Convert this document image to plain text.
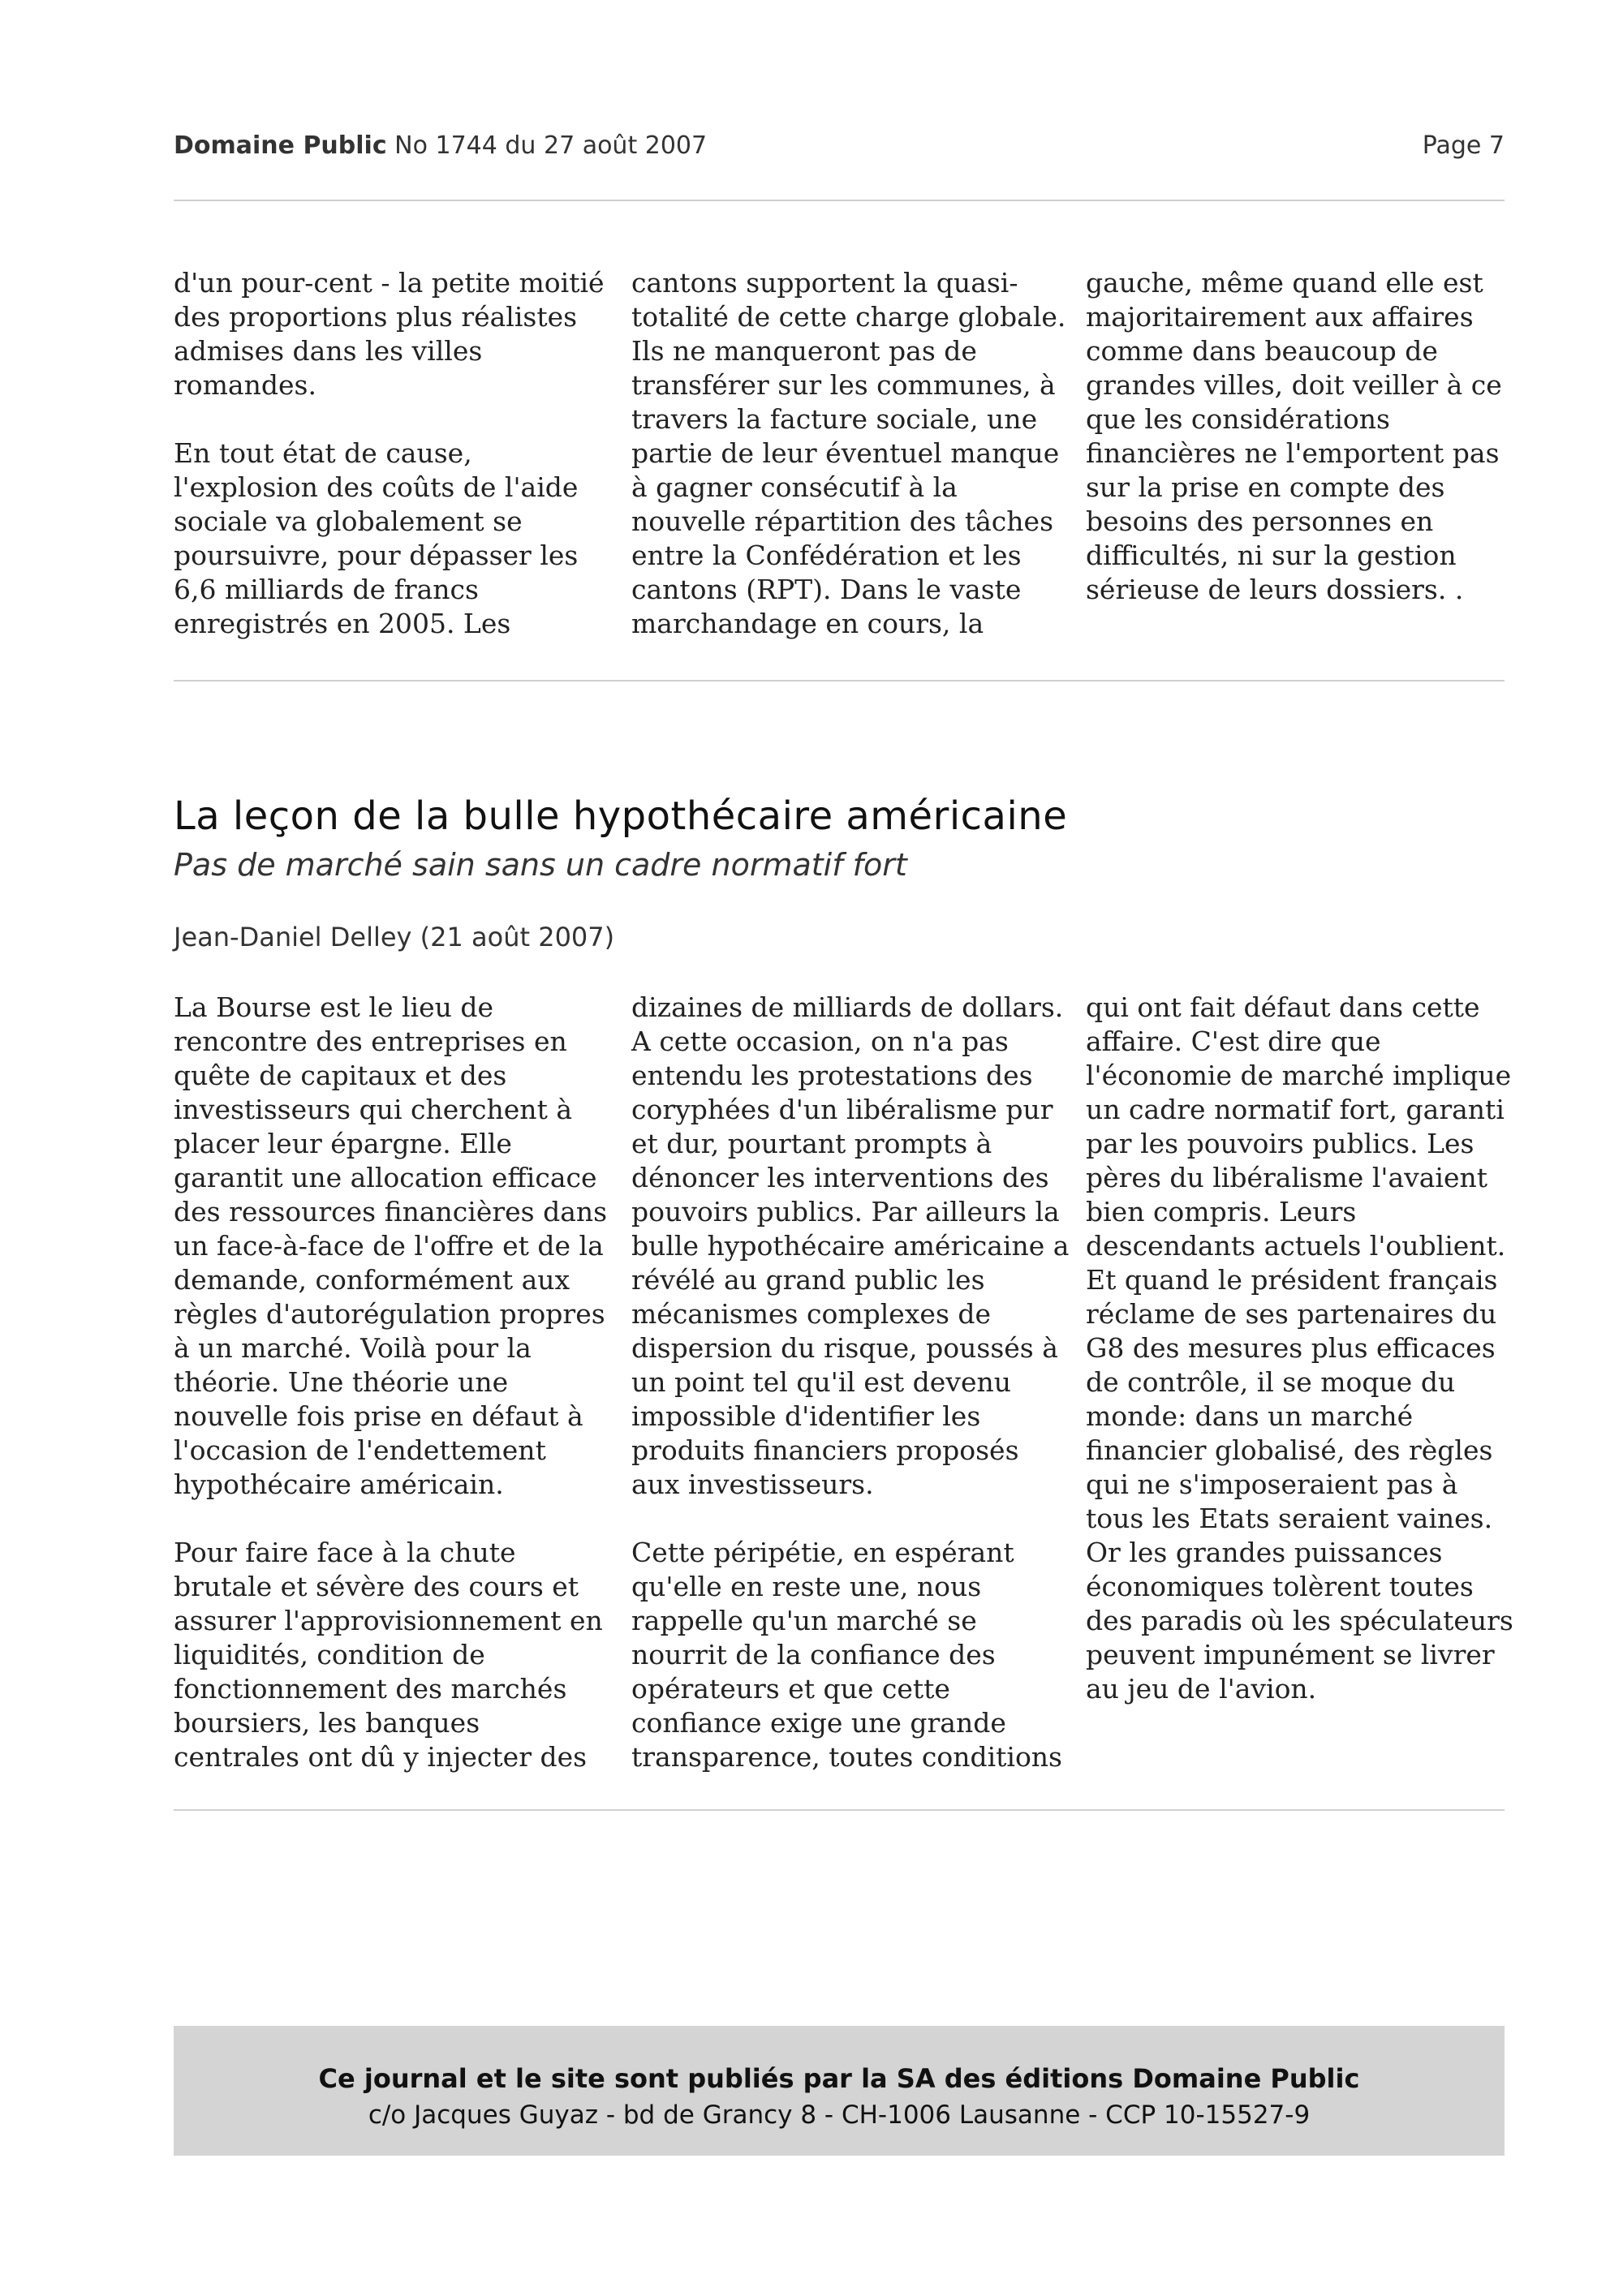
Domaine Public No 1744 du 27 août 2007	Page 7

d'un pour-cent - la petite moitié des proportions plus réalistes admises dans les villes romandes.

En tout état de cause, l'explosion des coûts de l'aide sociale va globalement se poursuivre, pour dépasser les 6,6 milliards de francs enregistrés en 2005. Les

cantons supportent la quasi-totalité de cette charge globale. Ils ne manqueront pas de transférer sur les communes, à travers la facture sociale, une partie de leur éventuel manque à gagner consécutif à la nouvelle répartition des tâches entre la Confédération et les cantons (RPT). Dans le vaste marchandage en cours, la

gauche, même quand elle est majoritairement aux affaires comme dans beaucoup de grandes villes, doit veiller à ce que les considérations financières ne l'emportent pas sur la prise en compte des besoins des personnes en difficultés, ni sur la gestion sérieuse de leurs dossiers. .

La leçon de la bulle hypothécaire américaine
Pas de marché sain sans un cadre normatif fort
Jean-Daniel Delley (21 août 2007)

La Bourse est le lieu de rencontre des entreprises en quête de capitaux et des investisseurs qui cherchent à placer leur épargne. Elle garantit une allocation efficace des ressources financières dans un face-à-face de l'offre et de la demande, conformément aux règles d'autorégulation propres à un marché. Voilà pour la théorie. Une théorie une nouvelle fois prise en défaut à l'occasion de l'endettement hypothécaire américain.

Pour faire face à la chute brutale et sévère des cours et assurer l'approvisionnement en liquidités, condition de fonctionnement des marchés boursiers, les banques centrales ont dû y injecter des

dizaines de milliards de dollars. A cette occasion, on n'a pas entendu les protestations des coryphées d'un libéralisme pur et dur, pourtant prompts à dénoncer les interventions des pouvoirs publics. Par ailleurs la bulle hypothécaire américaine a révélé au grand public les mécanismes complexes de dispersion du risque, poussés à un point tel qu'il est devenu impossible d'identifier les produits financiers proposés aux investisseurs.

Cette péripétie, en espérant qu'elle en reste une, nous rappelle qu'un marché se nourrit de la confiance des opérateurs et que cette confiance exige une grande transparence, toutes conditions

qui ont fait défaut dans cette affaire. C'est dire que l'économie de marché implique un cadre normatif fort, garanti par les pouvoirs publics. Les pères du libéralisme l'avaient bien compris. Leurs descendants actuels l'oublient. Et quand le président français réclame de ses partenaires du G8 des mesures plus efficaces de contrôle, il se moque du monde: dans un marché financier globalisé, des règles qui ne s'imposeraient pas à tous les Etats seraient vaines. Or les grandes puissances économiques tolèrent toutes des paradis où les spéculateurs peuvent impunément se livrer au jeu de l'avion.

Ce journal et le site sont publiés par la SA des éditions Domaine Public
c/o Jacques Guyaz - bd de Grancy 8 - CH-1006 Lausanne - CCP 10-15527-9
